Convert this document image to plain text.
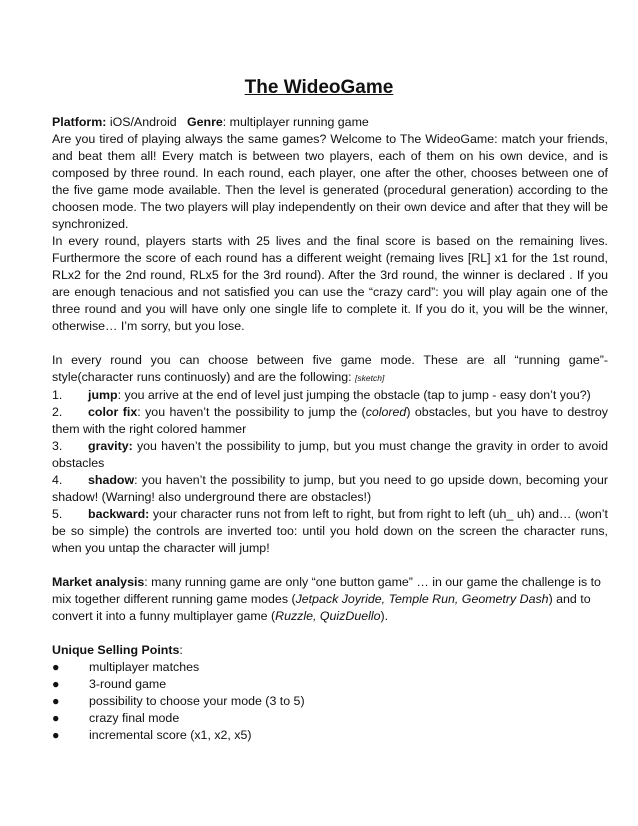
The WideoGame

Platform: iOS/Android Genre: multiplayer running game

Are you tired of playing always the same games? Welcome to The WideoGame: match your friends, and beat them all! Every match is between two players, each of them on his own device, and is composed by three round. In each round, each player, one after the other, chooses between one of the five game mode available. Then the level is generated (procedural generation) according to the choosen mode. The two players will play independently on their own device and after that they will be synchronized.

In every round, players starts with 25 lives and the final score is based on the remaining lives. Furthermore the score of each round has a different weight (remaing lives [RL] x1 for the 1st round, RLx2 for the 2nd round, RLx5 for the 3rd round). After the 3rd round, the winner is declared . If you are enough tenacious and not satisfied you can use the “crazy card”: you will play again one of the three round and you will have only one single life to complete it. If you do it, you will be the winner, otherwise… I’m sorry, but you lose.

In every round you can choose between five game mode. These are all “running game”-style(character runs continuosly) and are the following: [sketch]

1. jump: you arrive at the end of level just jumping the obstacle (tap to jump - easy don’t you?)

2. color fix: you haven’t the possibility to jump the (colored) obstacles, but you have to destroy them with the right colored hammer

3. gravity: you haven’t the possibility to jump, but you must change the gravity in order to avoid obstacles

4. shadow: you haven’t the possibility to jump, but you need to go upside down, becoming your shadow! (Warning! also underground there are obstacles!)

5. backward: your character runs not from left to right, but from right to left (uh_ uh) and… (won’t be so simple) the controls are inverted too: until you hold down on the screen the character runs, when you untap the character will jump!

Market analysis: many running game are only “one button game” … in our game the challenge is to mix together different running game modes (Jetpack Joyride, Temple Run, Geometry Dash) and to convert it into a funny multiplayer game (Ruzzle, QuizDuello).

Unique Selling Points:

● multiplayer matches

● 3-round game

● possibility to choose your mode (3 to 5)

● crazy final mode

● incremental score (x1, x2, x5)
